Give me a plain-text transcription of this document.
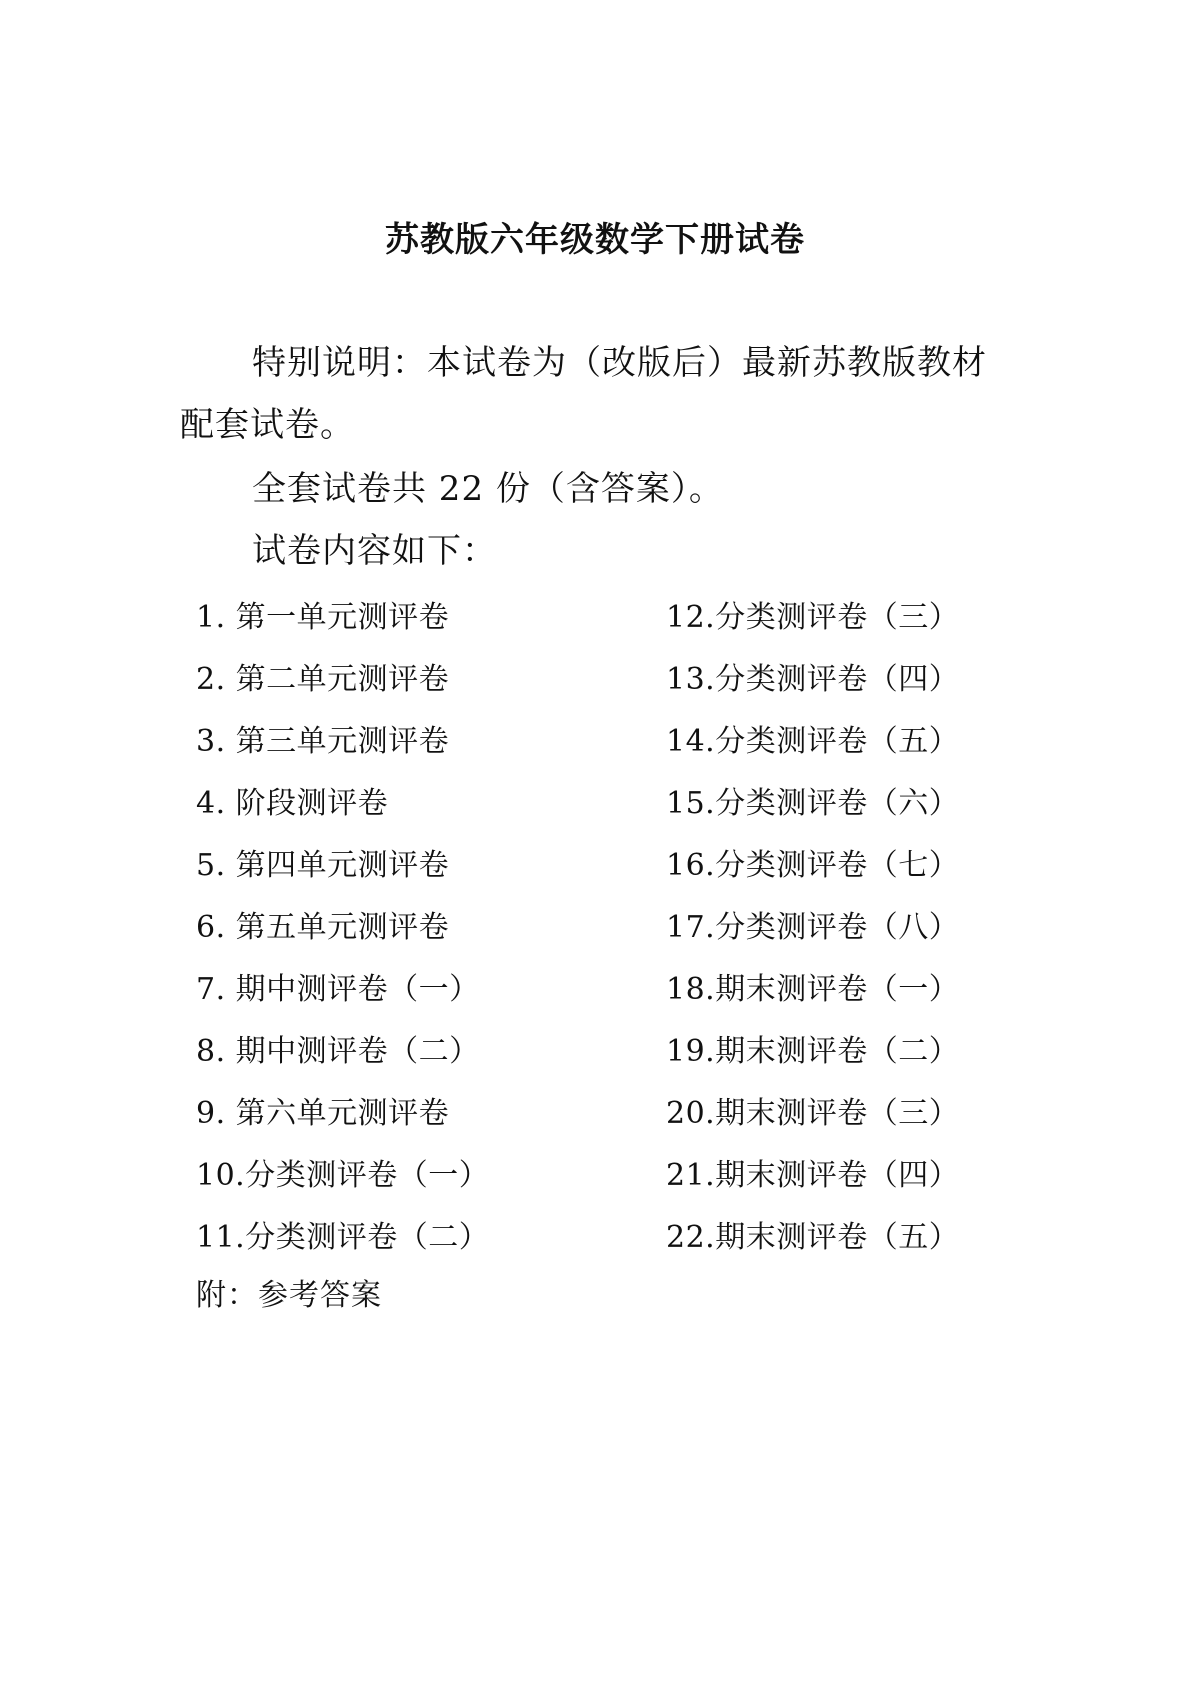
苏教版六年级数学下册试卷
特别说明：本试卷为（改版后）最新苏教版教材配套试卷。
全套试卷共 22 份（含答案）。
试卷内容如下：
1. 第一单元测评卷	12.分类测评卷（三）
2. 第二单元测评卷	13.分类测评卷（四）
3. 第三单元测评卷	14.分类测评卷（五）
4. 阶段测评卷	15.分类测评卷（六）
5. 第四单元测评卷	16.分类测评卷（七）
6. 第五单元测评卷	17.分类测评卷（八）
7. 期中测评卷（一）	18.期末测评卷（一）
8. 期中测评卷（二）	19.期末测评卷（二）
9. 第六单元测评卷	20.期末测评卷（三）
10.分类测评卷（一）	21.期末测评卷（四）
11.分类测评卷（二）	22.期末测评卷（五）
附：参考答案
